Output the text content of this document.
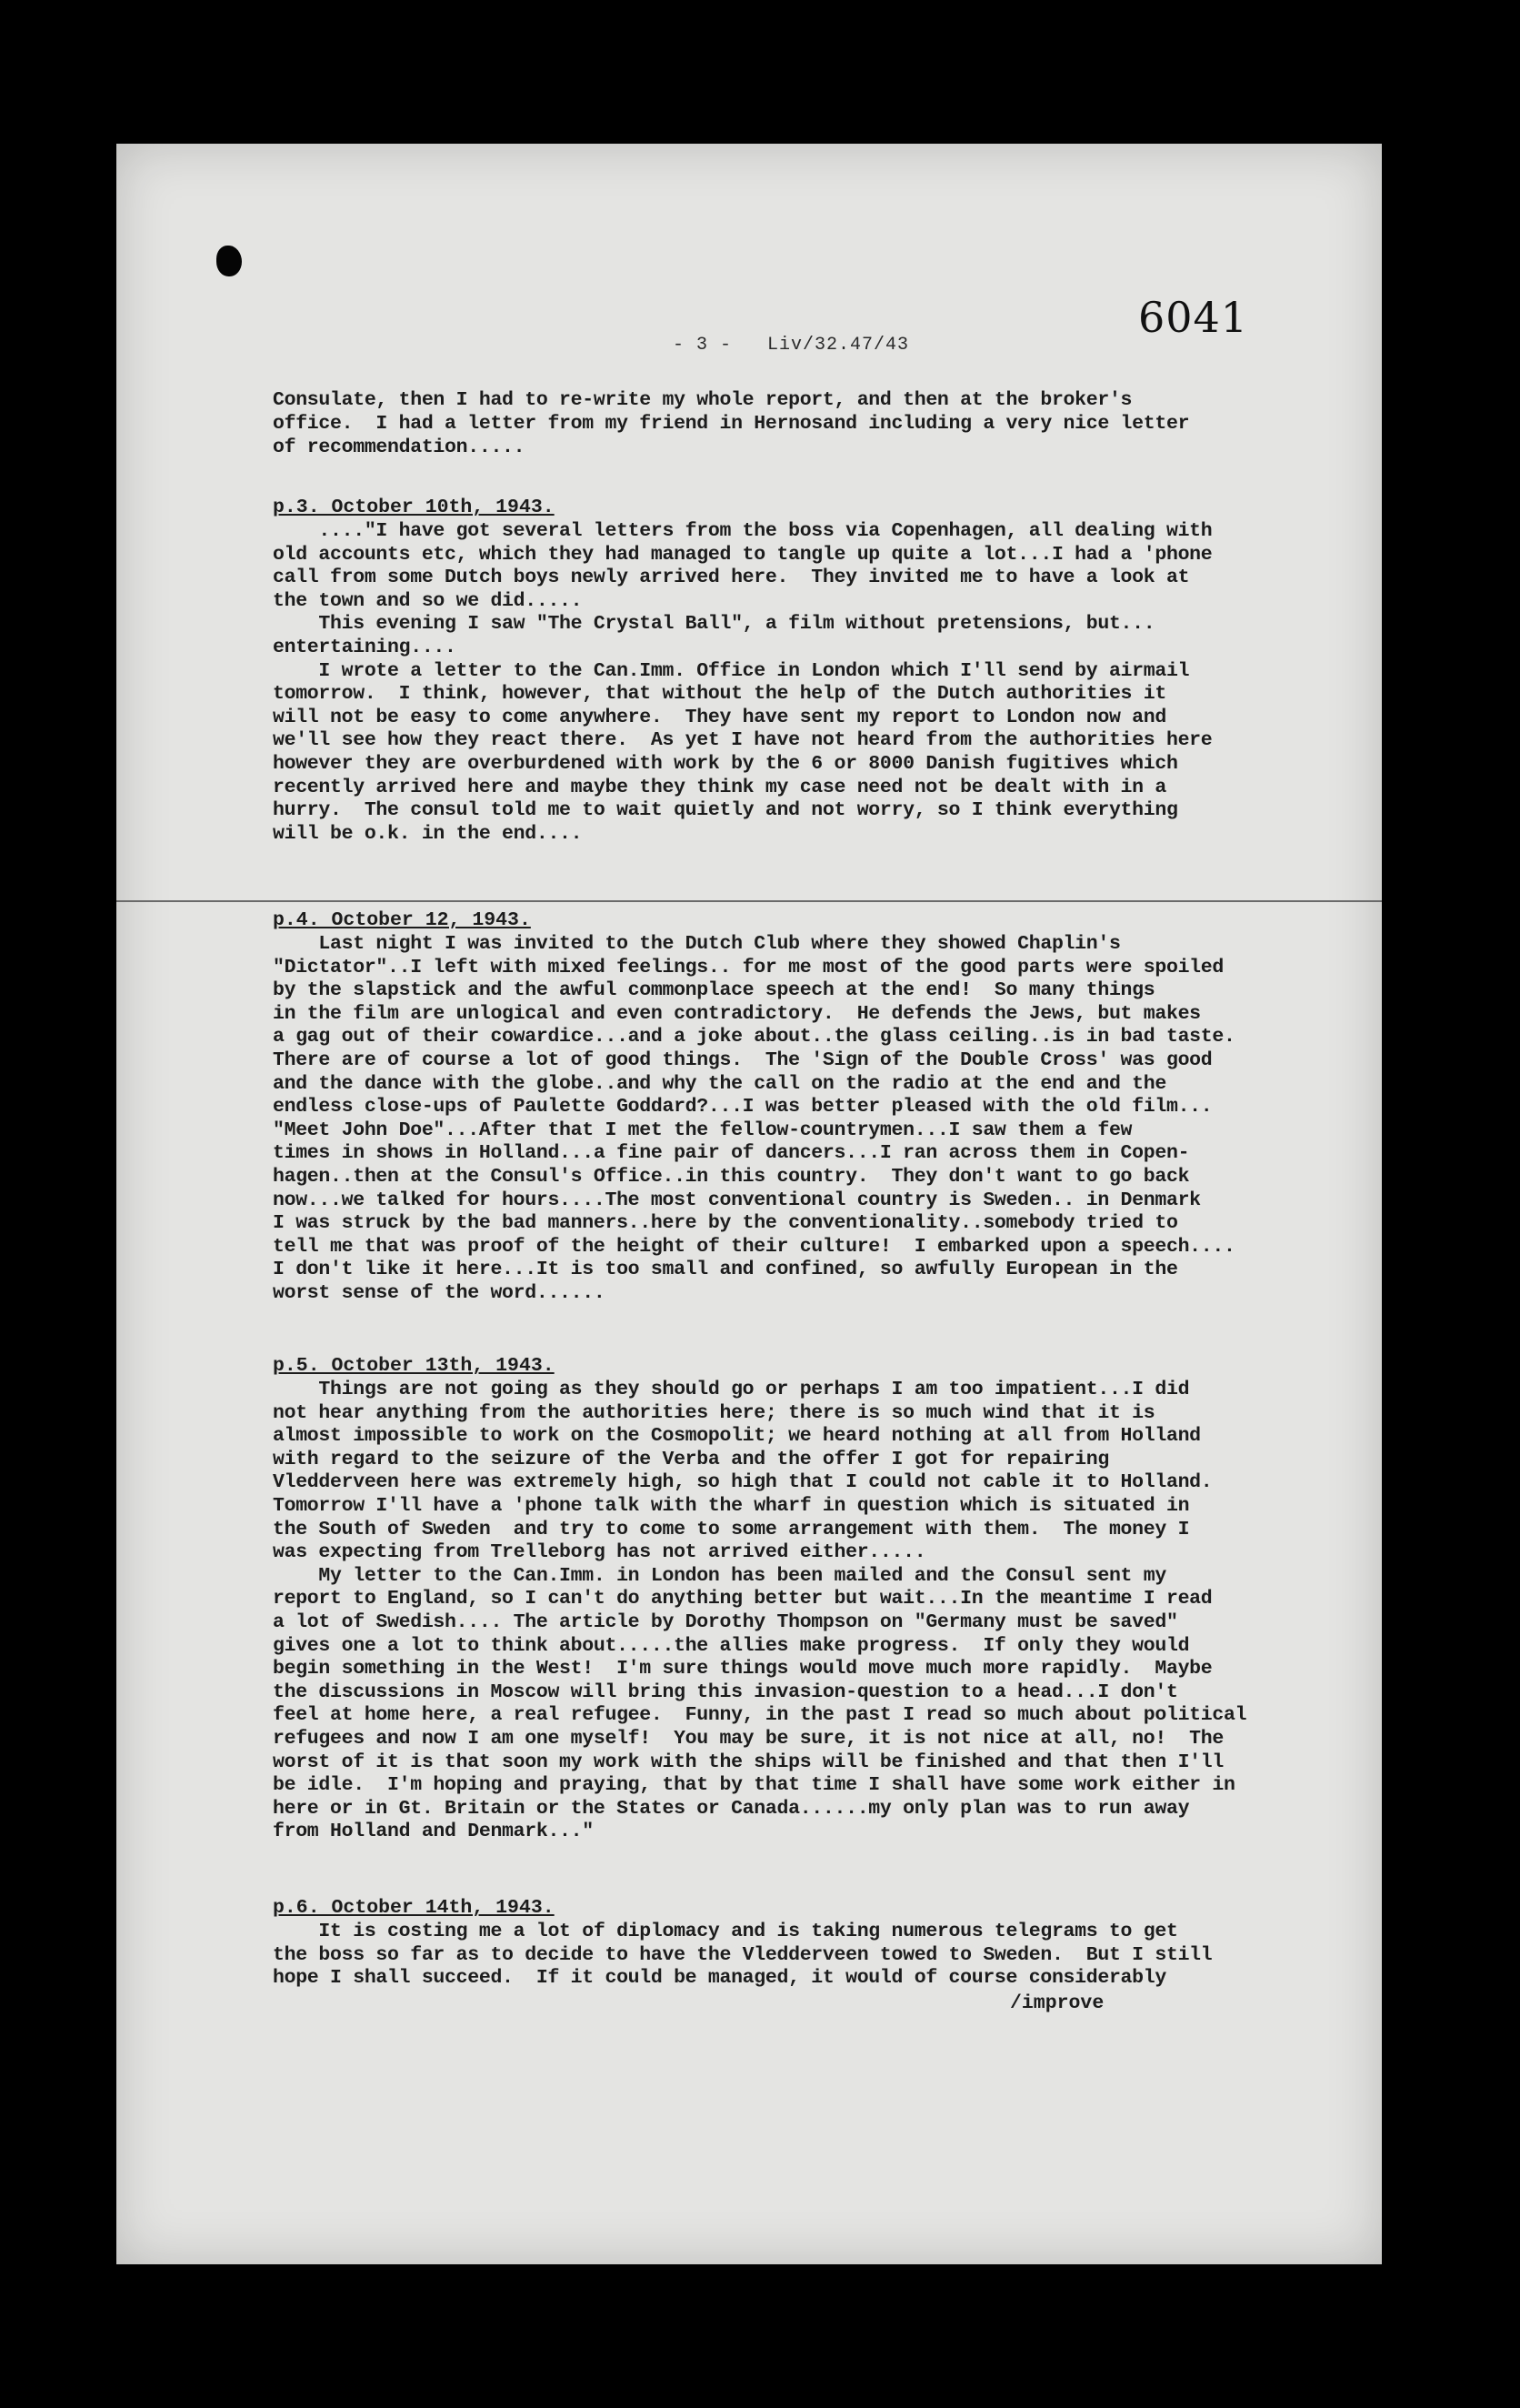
6041
- 3 -   Liv/32.47/43
Consulate, then I had to re-write my whole report, and then at the broker's
office.  I had a letter from my friend in Hernosand including a very nice letter
of recommendation.....
p.3. October 10th, 1943.
...."I have got several letters from the boss via Copenhagen, all dealing with
old accounts etc, which they had managed to tangle up quite a lot...I had a 'phone
call from some Dutch boys newly arrived here.  They invited me to have a look at
the town and so we did.....
This evening I saw "The Crystal Ball", a film without pretensions, but...
entertaining....
I wrote a letter to the Can.Imm. Office in London which I'll send by airmail
tomorrow.  I think, however, that without the help of the Dutch authorities it
will not be easy to come anywhere.  They have sent my report to London now and
we'll see how they react there.  As yet I have not heard from the authorities here
however they are overburdened with work by the 6 or 8000 Danish fugitives which
recently arrived here and maybe they think my case need not be dealt with in a
hurry.  The consul told me to wait quietly and not worry, so I think everything
will be o.k. in the end....
p.4. October 12, 1943.
Last night I was invited to the Dutch Club where they showed Chaplin's
"Dictator"..I left with mixed feelings.. for me most of the good parts were spoiled
by the slapstick and the awful commonplace speech at the end!  So many things
in the film are unlogical and even contradictory.  He defends the Jews, but makes
a gag out of their cowardice...and a joke about..the glass ceiling..is in bad taste.
There are of course a lot of good things.  The 'Sign of the Double Cross' was good
and the dance with the globe..and why the call on the radio at the end and the
endless close-ups of Paulette Goddard?...I was better pleased with the old film...
"Meet John Doe"...After that I met the fellow-countrymen...I saw them a few
times in shows in Holland...a fine pair of dancers...I ran across them in Copen-
hagen..then at the Consul's Office..in this country.  They don't want to go back
now...we talked for hours....The most conventional country is Sweden.. in Denmark
I was struck by the bad manners..here by the conventionality..somebody tried to
tell me that was proof of the height of their culture!  I embarked upon a speech....
I don't like it here...It is too small and confined, so awfully European in the
worst sense of the word......
p.5. October 13th, 1943.
Things are not going as they should go or perhaps I am too impatient...I did
not hear anything from the authorities here; there is so much wind that it is
almost impossible to work on the Cosmopolit; we heard nothing at all from Holland
with regard to the seizure of the Verba and the offer I got for repairing
Vledderveen here was extremely high, so high that I could not cable it to Holland.
Tomorrow I'll have a 'phone talk with the wharf in question which is situated in
the South of Sweden  and try to come to some arrangement with them.  The money I
was expecting from Trelleborg has not arrived either.....
My letter to the Can.Imm. in London has been mailed and the Consul sent my
report to England, so I can't do anything better but wait...In the meantime I read
a lot of Swedish.... The article by Dorothy Thompson on "Germany must be saved"
gives one a lot to think about.....the allies make progress.  If only they would
begin something in the West!  I'm sure things would move much more rapidly.  Maybe
the discussions in Moscow will bring this invasion-question to a head...I don't
feel at home here, a real refugee.  Funny, in the past I read so much about political
refugees and now I am one myself!  You may be sure, it is not nice at all, no!  The
worst of it is that soon my work with the ships will be finished and that then I'll
be idle.  I'm hoping and praying, that by that time I shall have some work either in
here or in Gt. Britain or the States or Canada......my only plan was to run away
from Holland and Denmark..."
p.6. October 14th, 1943.
It is costing me a lot of diplomacy and is taking numerous telegrams to get
the boss so far as to decide to have the Vledderveen towed to Sweden.  But I still
hope I shall succeed.  If it could be managed, it would of course considerably
/improve
